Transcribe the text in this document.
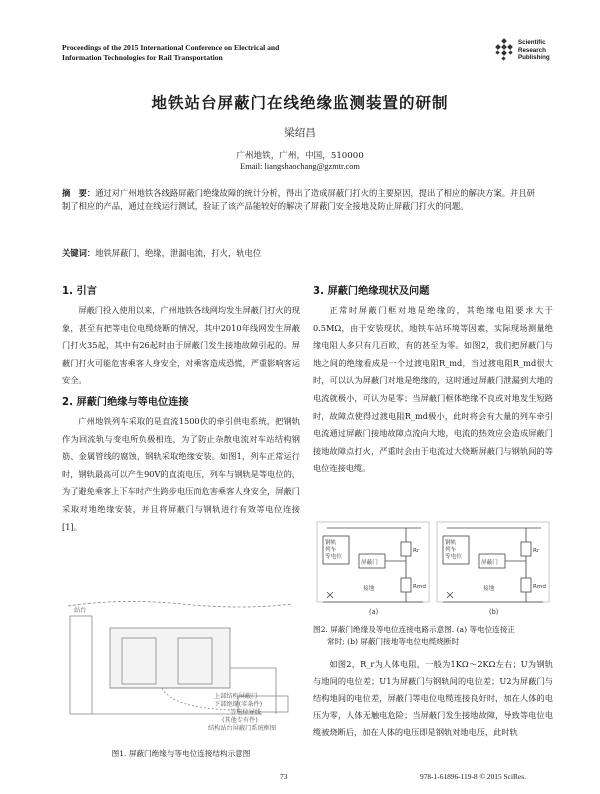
Proceedings of the 2015 International Conference on Electrical and
Information Technologies for Rail Transportation
Scientific
Research
Publishing
地铁站台屏蔽门在线绝缘监测装置的研制
梁绍昌
广州地铁，广州，中国，510000
Email: liangshaochang@gzmtr.com
摘　要：通过对广州地铁各线路屏蔽门绝缘故障的统计分析，得出了造成屏蔽门打火的主要原因，提出了相应的解决方案。并且研制了相应的产品，通过在线运行测试，验证了该产品能较好的解决了屏蔽门安全接地及防止屏蔽门打火的问题。
关键词：地铁屏蔽门，绝缘，泄漏电流，打火，轨电位
1. 引言
屏蔽门投入使用以来，广州地铁各线网均发生屏蔽门打火的现象，甚至有把等电位电缆烧断的情况，其中2010年线网发生屏蔽门打火35起，其中有26起时由于屏蔽门发生接地故障引起的。屏蔽门打火可能危害乘客人身安全，对乘客造成恐慌，严重影响客运安全。
2. 屏蔽门绝缘与等电位连接
广州地铁列车采取的是直流1500伏的牵引供电系统，把钢轨作为回流轨与变电所负极相连，为了防止杂散电流对车站结构钢筋、金属管线的腐蚀，钢轨采取绝缘安装。如图1，列车正常运行时，钢轨最高可以产生90V的直流电压，列车与钢轨是等电位的，为了避免乘客上下车时产生跨步电压而危害乘客人身安全，屏蔽门采取对地绝缘安装，并且将屏蔽门与钢轨进行有效等电位连接[1]。
上部结构屏蔽门
站台
下部绝缘(零条件)
等电位导线
(其他专有件)
结构站台屏蔽门系统框图
图1. 屏蔽门绝缘与等电位连接结构示意图
3. 屏蔽门绝缘现状及问题
正常时屏蔽门框对地是绝缘的，其绝缘电阻要求大于0.5MΩ，由于安装现状，地铁车站环境等因素，实际现场测量绝缘电阻人多只有几百欧，有的甚至为零。如图2，我们把屏蔽门与地之间的绝缘看成是一个过渡电阻R_md，当过渡电阻R_md很大时，可以认为屏蔽门对地是绝缘的，这时通过屏蔽门泄漏到大地的电流就极小，可认为是零；当屏蔽门框体绝缘不良或对地发生短路时，故障点使得过渡电阻R_md极小，此时将会有大量的列车牵引电流通过屏蔽门接地故障点流向大地，电流的热效应会造成屏蔽门接地故障点打火，严重时会由于电流过大烧断屏蔽门与钢轨间的等电位连接电缆。
钢轨
列车
屏蔽门
等电位
接地
Rr
Rmd
钢轨
列车
屏蔽门
等电位
接地
Rr
Rmd
(a)	(b)
图2. 屏蔽门绝缘及等电位连接电路示意图. (a) 等电位连接正
常时; (b) 屏蔽门接地等电位电缆烧断时
如图2，R_r为人体电阻，一般为1KΩ～2KΩ左右；U为钢轨与地间的电位差；U1为屏蔽门与钢轨间的电位差；U2为屏蔽门与结构地间的电位差，屏蔽门等电位电缆连接良好时，加在人体的电压为零，人体无触电危险；当屏蔽门发生接地故障，导致等电位电缆被烧断后，加在人体的电压即是钢轨对地电压，此时轨
73	978-1-61896-119-8 © 2015 SciRes.
